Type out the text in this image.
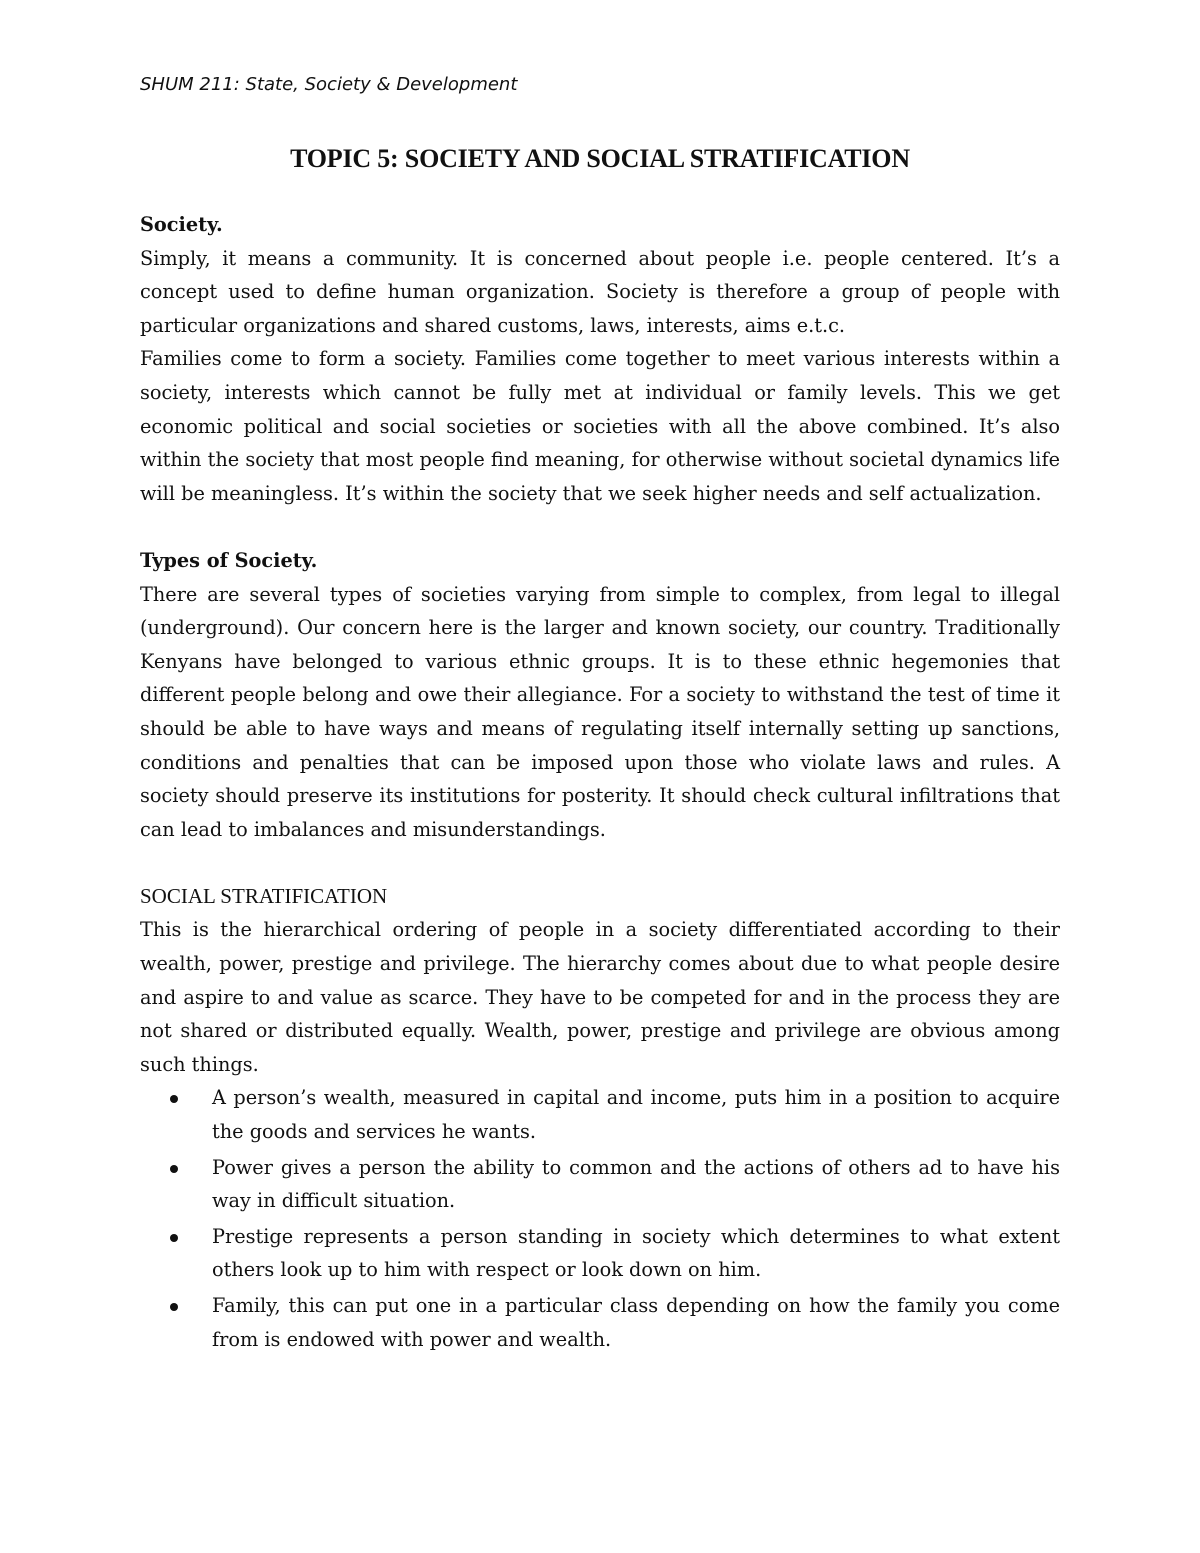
SHUM 211: State, Society & Development
TOPIC 5: SOCIETY AND SOCIAL STRATIFICATION

Society.

Simply, it means a community. It is concerned about people i.e. people centered. It’s a concept used to define human organization. Society is therefore a group of people with particular organizations and shared customs, laws, interests, aims e.t.c.

Families come to form a society. Families come together to meet various interests within a society, interests which cannot be fully met at individual or family levels. This we get economic political and social societies or societies with all the above combined. It’s also within the society that most people find meaning, for otherwise without societal dynamics life will be meaningless. It’s within the society that we seek higher needs and self actualization.

Types of Society.

There are several types of societies varying from simple to complex, from legal to illegal (underground). Our concern here is the larger and known society, our country. Traditionally Kenyans have belonged to various ethnic groups. It is to these ethnic hegemonies that different people belong and owe their allegiance. For a society to withstand the test of time it should be able to have ways and means of regulating itself internally setting up sanctions, conditions and penalties that can be imposed upon those who violate laws and rules. A society should preserve its institutions for posterity. It should check cultural infiltrations that can lead to imbalances and misunderstandings.

SOCIAL STRATIFICATION

This is the hierarchical ordering of people in a society differentiated according to their wealth, power, prestige and privilege. The hierarchy comes about due to what people desire and aspire to and value as scarce. They have to be competed for and in the process they are not shared or distributed equally. Wealth, power, prestige and privilege are obvious among such things.

A person’s wealth, measured in capital and income, puts him in a position to acquire the goods and services he wants.
Power gives a person the ability to common and the actions of others ad to have his way in difficult situation.
Prestige represents a person standing in society which determines to what extent others look up to him with respect or look down on him.
Family, this can put one in a particular class depending on how the family you come from is endowed with power and wealth.
